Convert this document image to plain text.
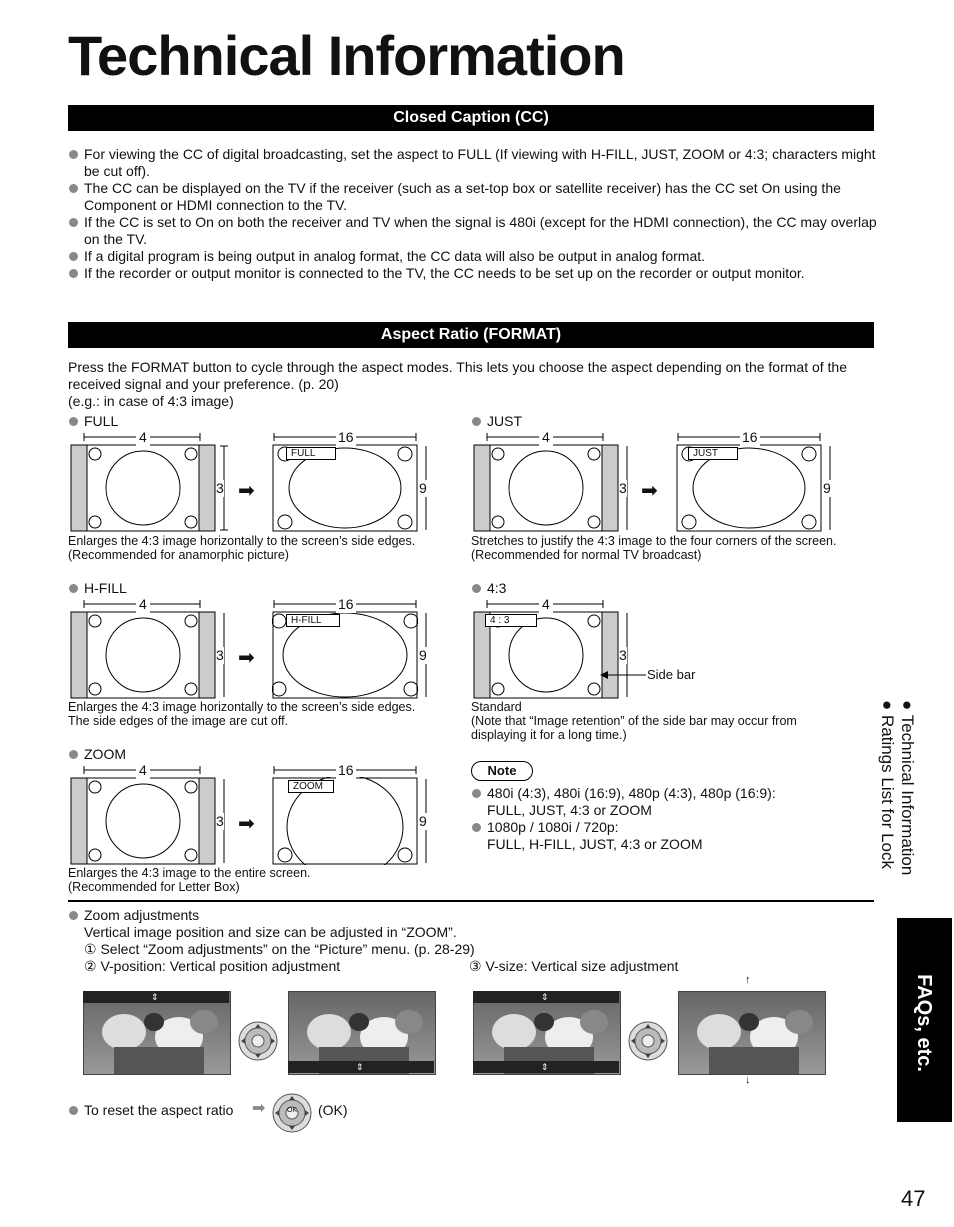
Technical Information
Closed Caption (CC)
For viewing the CC of digital broadcasting, set the aspect to FULL (If viewing with H-FILL, JUST, ZOOM or 4:3; characters might be cut off).
The CC can be displayed on the TV if the receiver (such as a set-top box or satellite receiver) has the CC set On using the Component or HDMI connection to the TV.
If the CC is set to On on both the receiver and TV when the signal is 480i (except for the HDMI connection), the CC may overlap on the TV.
If a digital program is being output in analog format, the CC data will also be output in analog format.
If the recorder or output monitor is connected to the TV, the CC needs to be set up on the recorder or output monitor.
Aspect Ratio (FORMAT)
Press the FORMAT button to cycle through the aspect modes. This lets you choose the aspect depending on the format of the received signal and your preference. (p. 20)
(e.g.: in case of 4:3 image)
FULL
4
3 ➡
16
9
FULL
Enlarges the 4:3 image horizontally to the screen’s side edges.
(Recommended for anamorphic picture)
JUST
4
3 ➡
16
9
JUST
Stretches to justify the 4:3 image to the four corners of the screen.
(Recommended for normal TV broadcast)
H-FILL
4
3 ➡
16
9
H-FILL
Enlarges the 4:3 image horizontally to the screen’s side edges.
The side edges of the image are cut off.
4:3
4
3
4 : 3
Side bar
Standard
(Note that “Image retention” of the side bar may occur from displaying it for a long time.)
ZOOM
4
3 ➡
16
9
ZOOM
Enlarges the 4:3 image to the entire screen.
(Recommended for Letter Box)
Note
480i (4:3), 480i (16:9), 480p (4:3), 480p (16:9):
FULL, JUST, 4:3 or ZOOM
1080p / 1080i / 720p:
FULL, H-FILL, JUST, 4:3 or ZOOM
Zoom adjustments
Vertical image position and size can be adjusted in “ZOOM”.
① Select “Zoom adjustments” on the “Picture” menu. (p. 28-29)
② V-position: Vertical position adjustment	③ V-size: Vertical size adjustment
⇕
⇕
⇕
⇕
↑
↓
To reset the aspect ratio ➡	OK	(OK)
● Technical Information
● Ratings List for Lock
FAQs, etc.
47
